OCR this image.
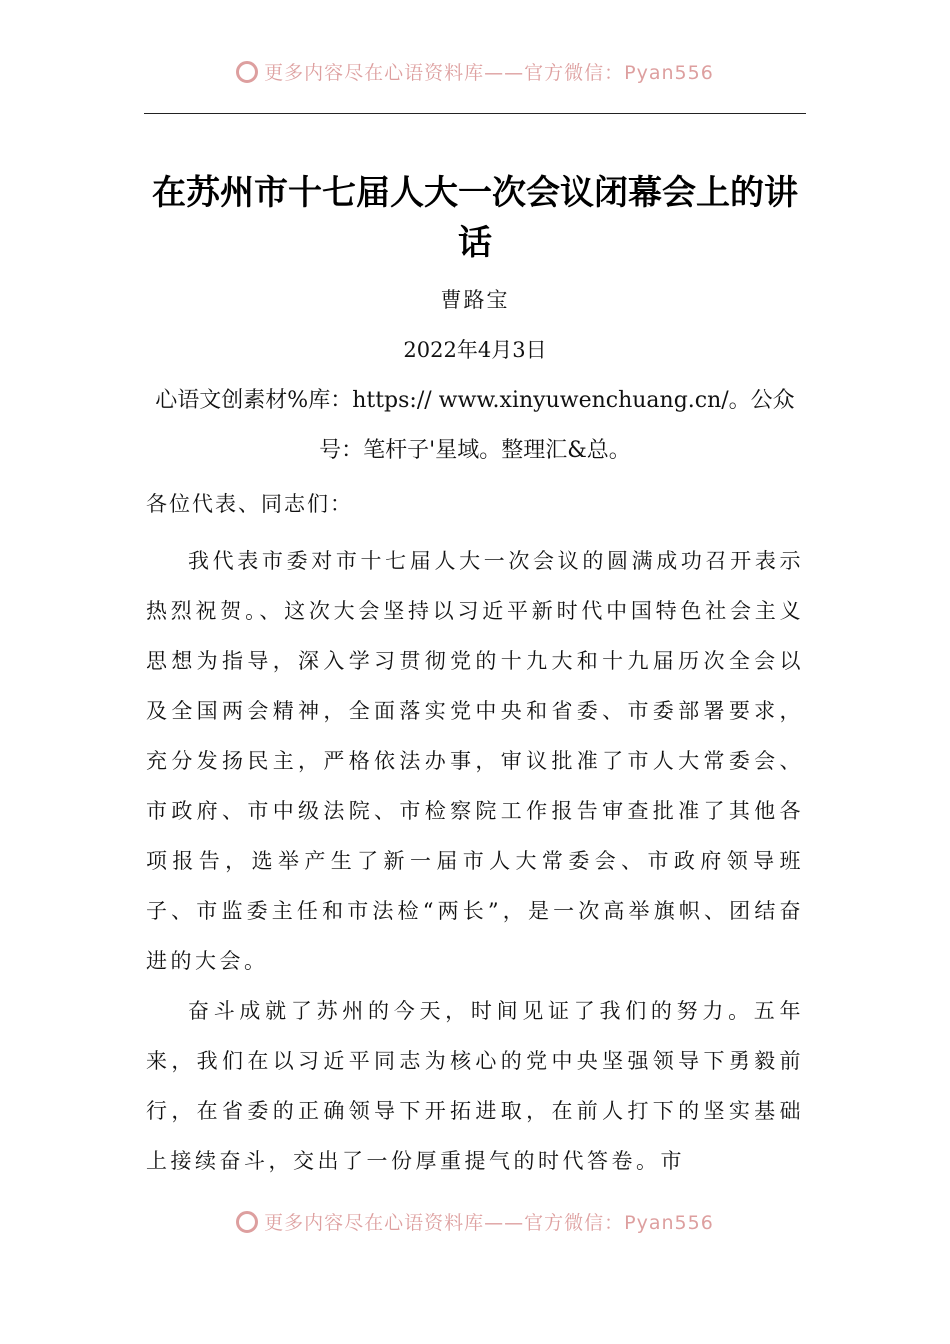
更多内容尽在心语资料库——官方微信：Pyan556
在苏州市十七届人大一次会议闭幕会上的讲话
曹路宝
2022年4月3日
心语文创素材%库：https:// www.xinyuwenchuang.cn/。公众号：笔杆子'星域。整理汇&总。
各位代表、同志们：

我代表市委对市十七届人大一次会议的圆满成功召开表示热烈祝贺。、这次大会坚持以习近平新时代中国特色社会主义思想为指导，深入学习贯彻党的十九大和十九届历次全会以及全国两会精神，全面落实党中央和省委、市委部署要求，充分发扬民主，严格依法办事，审议批准了市人大常委会、市政府、市中级法院、市检察院工作报告审查批准了其他各项报告，选举产生了新一届市人大常委会、市政府领导班子、市监委主任和市法检“两长”，是一次高举旗帜、团结奋进的大会。

奋斗成就了苏州的今天，时间见证了我们的努力。五年来，我们在以习近平同志为核心的党中央坚强领导下勇毅前行，在省委的正确领导下开拓进取，在前人打下的坚实基础上接续奋斗，交出了一份厚重提气的时代答卷。市

更多内容尽在心语资料库——官方微信：Pyan556
